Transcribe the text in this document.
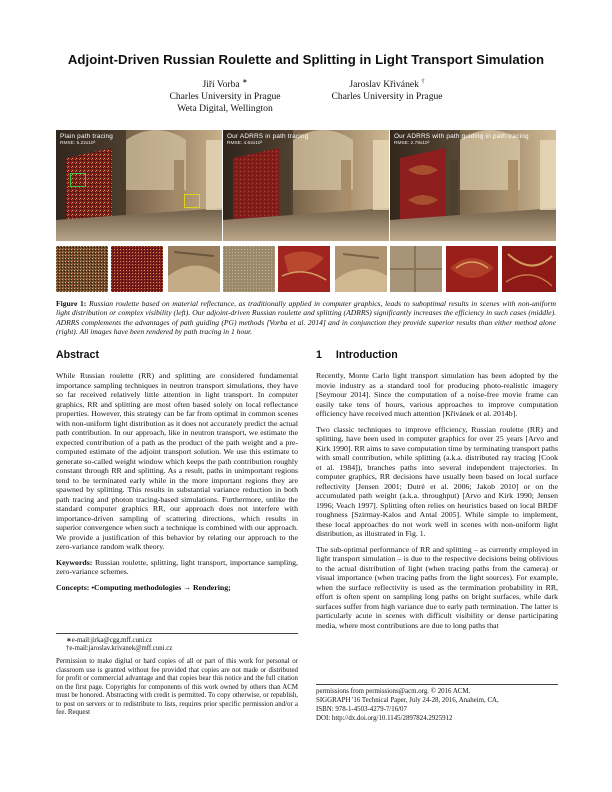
Adjoint-Driven Russian Roulette and Splitting in Light Transport Simulation
Jiří Vorba ∗
Charles University in Prague
Weta Digital, Wellington
Jaroslav Křivánek †
Charles University in Prague
Plain path tracing
RMSE: 5.22x10³
Our ADRRS in path tracing
RMSE: 4.62x10³
Our ADRRS with path guiding in path tracing
RMSE: 2.79x10³
Figure 1: Russian roulette based on material reflectance, as traditionally applied in computer graphics, leads to suboptimal results in scenes with non-uniform light distribution or complex visibility (left). Our adjoint-driven Russian roulette and splitting (ADRRS) significantly increases the efficiency in such cases (middle). ADRRS complements the advantages of path guiding (PG) methods [Vorba et al. 2014] and in conjunction they provide superior results than either method alone (right). All images have been rendered by path tracing in 1 hour.
Abstract

While Russian roulette (RR) and splitting are considered fundamental importance sampling techniques in neutron transport simulations, they have so far received relatively little attention in light transport. In computer graphics, RR and splitting are most often based solely on local reflectance properties. However, this strategy can be far from optimal in common scenes with non-uniform light distribution as it does not accurately predict the actual path contribution. In our approach, like in neutron transport, we estimate the expected contribution of a path as the product of the path weight and a pre-computed estimate of the adjoint transport solution. We use this estimate to generate so-called weight window which keeps the path contribution roughly constant through RR and splitting. As a result, paths in unimportant regions tend to be terminated early while in the more important regions they are spawned by splitting. This results in substantial variance reduction in both path tracing and photon tracing-based simulations. Furthermore, unlike the standard computer graphics RR, our approach does not interfere with importance-driven sampling of scattering directions, which results in superior convergence when such a technique is combined with our approach. We provide a justification of this behavior by relating our approach to the zero-variance random walk theory.

Keywords: Russian roulette, splitting, light transport, importance sampling, zero-variance schemes.

Concepts: •Computing methodologies → Rendering;

∗e-mail:jirka@cgg.mff.cuni.cz
†e-mail:jaroslav.krivanek@mff.cuni.cz
Permission to make digital or hard copies of all or part of this work for personal or classroom use is granted without fee provided that copies are not made or distributed for profit or commercial advantage and that copies bear this notice and the full citation on the first page. Copyrights for components of this work owned by others than ACM must be honored. Abstracting with credit is permitted. To copy otherwise, or republish, to post on servers or to redistribute to lists, requires prior specific permission and/or a fee. Request
1 Introduction

Recently, Monte Carlo light transport simulation has been adopted by the movie industry as a standard tool for producing photo-realistic imagery [Seymour 2014]. Since the computation of a noise-free movie frame can easily take tens of hours, various approaches to improve computation efficiency have received much attention [Křivánek et al. 2014b].

Two classic techniques to improve efficiency, Russian roulette (RR) and splitting, have been used in computer graphics for over 25 years [Arvo and Kirk 1990]. RR aims to save computation time by terminating transport paths with small contribution, while splitting (a.k.a. distributed ray tracing [Cook et al. 1984]), branches paths into several independent trajectories. In computer graphics, RR decisions have usually been based on local surface reflectivity [Jensen 2001; Dutré et al. 2006; Jakob 2010] or on the accumulated path weight (a.k.a. throughput) [Arvo and Kirk 1990; Jensen 1996; Veach 1997]. Splitting often relies on heuristics based on local BRDF roughness [Szirmay-Kalos and Antal 2005]. While simple to implement, these local approaches do not work well in scenes with non-uniform light distribution, as illustrated in Fig. 1.

The sub-optimal performance of RR and splitting – as currently employed in light transport simulation – is due to the respective decisions being oblivious to the actual distribution of light (when tracing paths from the camera) or visual importance (when tracing paths from the light sources). For example, when the surface reflectivity is used as the termination probability in RR, effort is often spent on sampling long paths on bright surfaces, while dark surfaces suffer from high variance due to early path termination. The latter is particularly acute in scenes with difficult visibility or dense participating media, where most contributions are due to long paths that

permissions from permissions@acm.org. © 2016 ACM.
SIGGRAPH '16 Technical Paper, July 24-28, 2016, Anaheim, CA,
ISBN: 978-1-4503-4279-7/16/07
DOI: http://dx.doi.org/10.1145/2897824.2925912
